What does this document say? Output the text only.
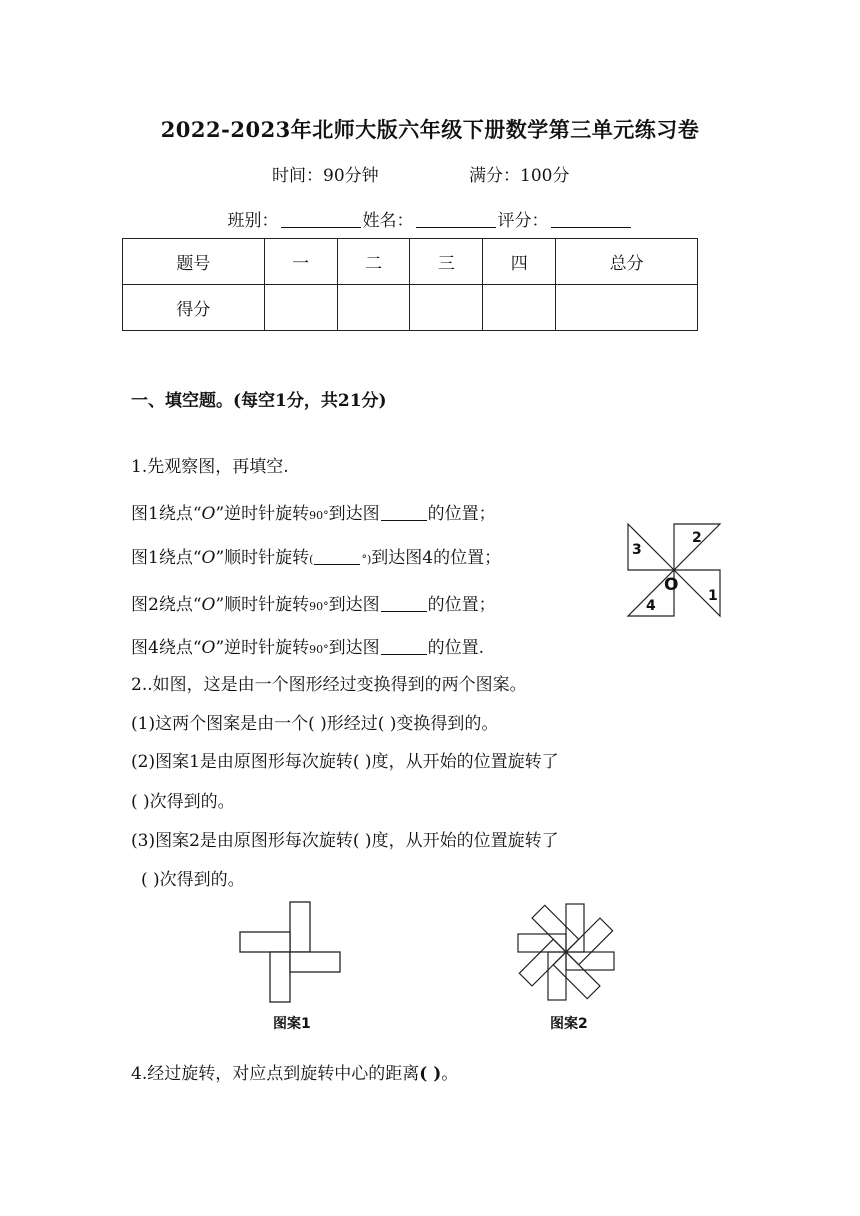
2022-2023年北师大版六年级下册数学第三单元练习卷
时间：90分钟	满分：100分
班别：	姓名：	评分：
题号	一	二	三	四	总分
得分					
一、填空题。(每空1分，共21分)
1.先观察图，再填空.
图1绕点“O”逆时针旋转90°到达图	的位置；
图1绕点“O”顺时针旋转(	°)到达图4的位置；
图2绕点“O”顺时针旋转90°到达图	的位置；
图4绕点“O”逆时针旋转90°到达图	的位置.
2
1
3
4
O
2..如图，这是由一个图形经过变换得到的两个图案。
(1)这两个图案是由一个( )形经过( )变换得到的。
(2)图案1是由原图形每次旋转( )度，从开始的位置旋转了
( )次得到的。
(3)图案2是由原图形每次旋转( )度，从开始的位置旋转了
( )次得到的。
图案1	图案2
4.经过旋转，对应点到旋转中心的距离( )。
